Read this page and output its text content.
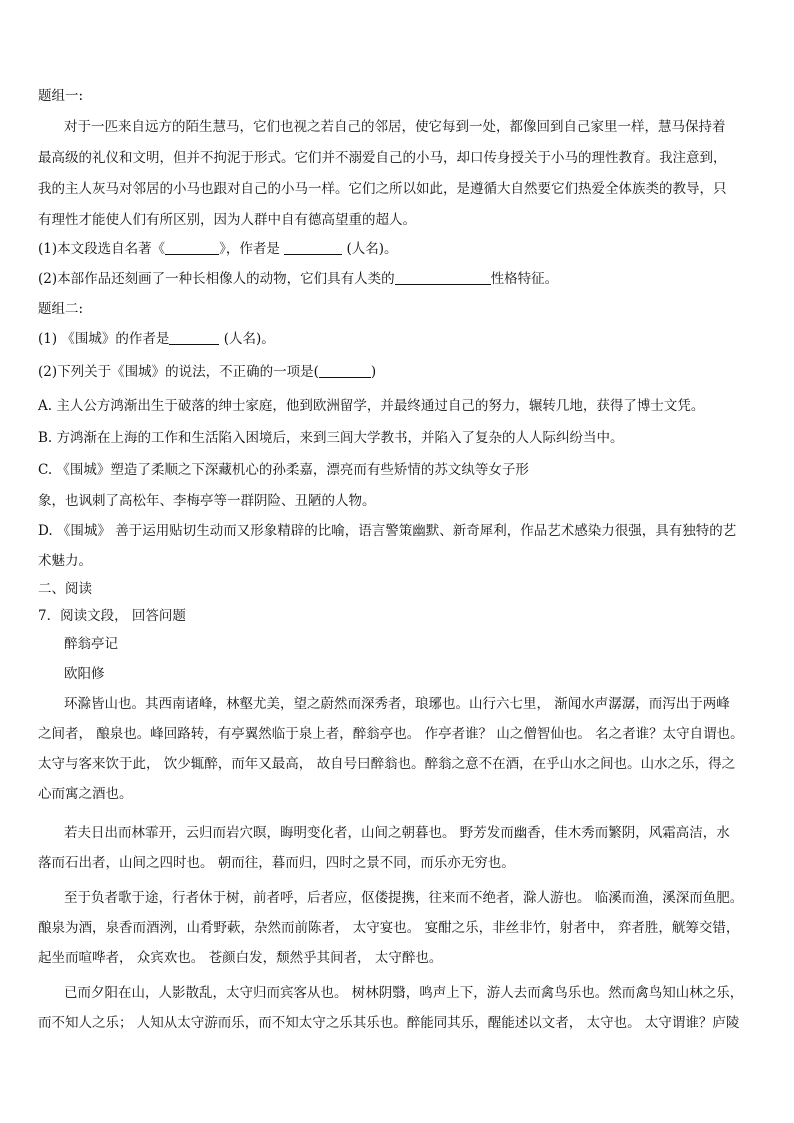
题组一:
对于一匹来自远方的陌生慧马，它们也视之若自己的邻居，使它每到一处，都像回到自己家里一样，慧马保持着
最高级的礼仪和文明，但并不拘泥于形式。它们并不溺爱自己的小马，却口传身授关于小马的理性教育。我注意到，
我的主人灰马对邻居的小马也跟对自己的小马一样。它们之所以如此，是遵循大自然要它们热爱全体族类的教导，只
有理性才能使人们有所区别，因为人群中自有德高望重的超人。
(1)本文段选自名著《	》，作者是	(人名)。
(2)本部作品还刻画了一种长相像人的动物，它们具有人类的	性格特征。
题组二:
(1) 《围城》的作者是	(人名)。
(2)下列关于《围城》的说法，不正确的一项是(	)
A. 主人公方鸿渐出生于破落的绅士家庭，他到欧洲留学，并最终通过自己的努力，辗转几地，获得了博士文凭。
B. 方鸿渐在上海的工作和生活陷入困境后，来到三闾大学教书，并陷入了复杂的人人际纠纷当中。
C. 《围城》塑造了柔顺之下深藏机心的孙柔嘉，漂亮而有些矫情的苏文纨等女子形
象，也讽刺了高松年、李梅亭等一群阴险、丑陋的人物。
D. 《围城》 善于运用贴切生动而又形象精辟的比喻，语言警策幽默、新奇犀利，作品艺术感染力很强，具有独特的艺
术魅力。
二、阅读
7．阅读文段， 回答问题
醉翁亭记
欧阳修
环滁皆山也。其西南诸峰，林壑尤美，望之蔚然而深秀者，琅琊也。山行六七里， 渐闻水声潺潺，而泻出于两峰
之间者， 酿泉也。峰回路转，有亭翼然临于泉上者，醉翁亭也。 作亭者谁？ 山之僧智仙也。 名之者谁？太守自谓也。
太守与客来饮于此， 饮少辄醉，而年又最高， 故自号曰醉翁也。醉翁之意不在酒，在乎山水之间也。山水之乐，得之
心而寓之酒也。
若夫日出而林霏开，云归而岩穴暝，晦明变化者，山间之朝暮也。 野芳发而幽香，佳木秀而繁阴，风霜高洁，水
落而石出者，山间之四时也。 朝而往，暮而归，四时之景不同，而乐亦无穷也。
至于负者歌于途，行者休于树，前者呼，后者应，伛偻提携，往来而不绝者，滁人游也。 临溪而渔，溪深而鱼肥。
酿泉为酒，泉香而酒洌，山肴野蔌，杂然而前陈者， 太守宴也。 宴酣之乐，非丝非竹，射者中， 弈者胜，觥筹交错，
起坐而喧哗者， 众宾欢也。 苍颜白发，颓然乎其间者， 太守醉也。
已而夕阳在山，人影散乱，太守归而宾客从也。 树林阴翳，鸣声上下，游人去而禽鸟乐也。然而禽鸟知山林之乐，
而不知人之乐； 人知从太守游而乐，而不知太守之乐其乐也。醉能同其乐，醒能述以文者， 太守也。 太守谓谁？庐陵
